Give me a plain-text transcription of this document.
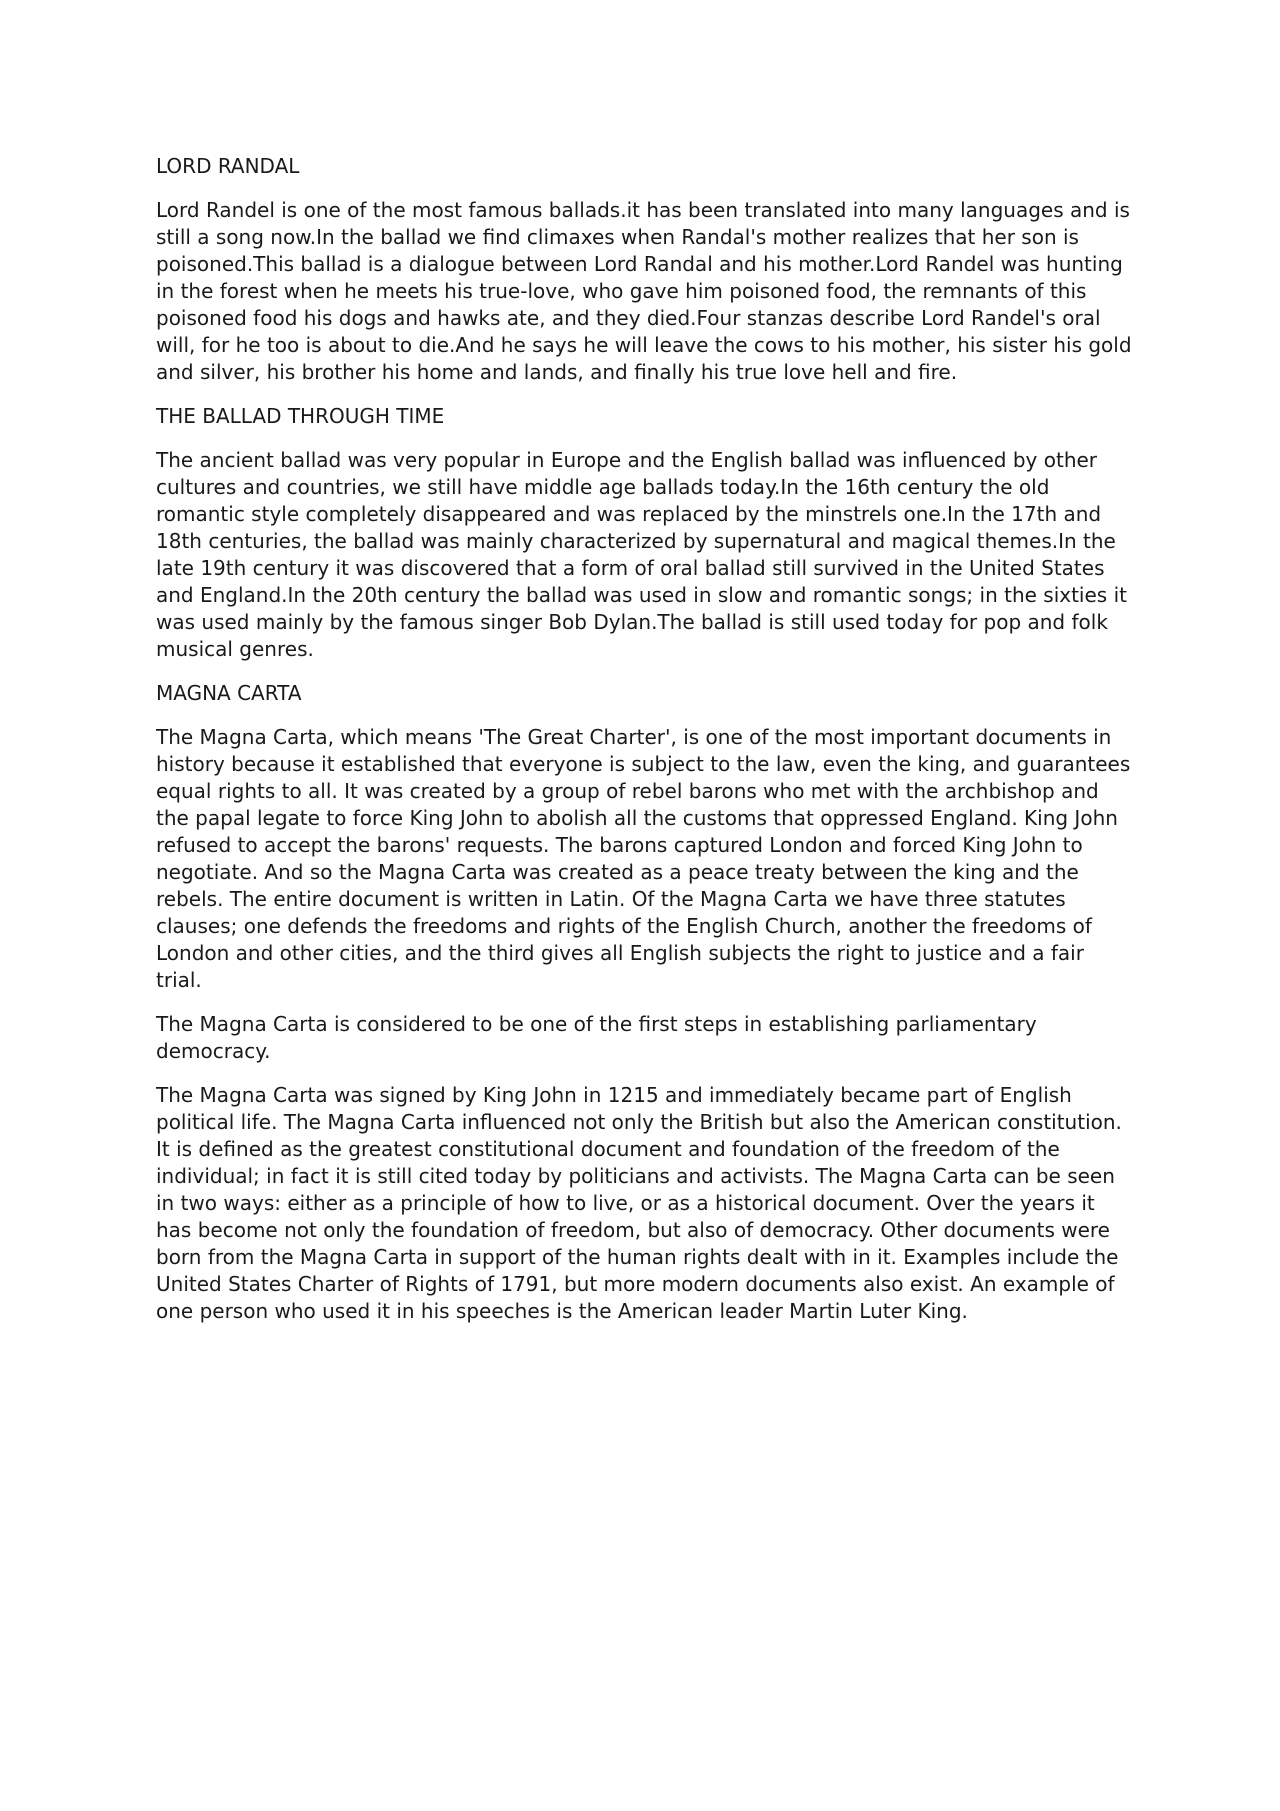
LORD RANDAL

Lord Randel is one of the most famous ballads.it has been translated into many languages and is still a song now.In the ballad we find climaxes when Randal's mother realizes that her son is poisoned.This ballad is a dialogue between Lord Randal and his mother.Lord Randel was hunting in the forest when he meets his true-love, who gave him poisoned food, the remnants of this poisoned food his dogs and hawks ate, and they died.Four stanzas describe Lord Randel's oral will, for he too is about to die.And he says he will leave the cows to his mother, his sister his gold and silver, his brother his home and lands, and finally his true love hell and fire.

THE BALLAD THROUGH TIME

The ancient ballad was very popular in Europe and the English ballad was influenced by other cultures and countries, we still have middle age ballads today.In the 16th century the old romantic style completely disappeared and was replaced by the minstrels one.In the 17th and 18th centuries, the ballad was mainly characterized by supernatural and magical themes.In the late 19th century it was discovered that a form of oral ballad still survived in the United States and England.In the 20th century the ballad was used in slow and romantic songs; in the sixties it was used mainly by the famous singer Bob Dylan.The ballad is still used today for pop and folk musical genres.

MAGNA CARTA

The Magna Carta, which means 'The Great Charter', is one of the most important documents in history because it established that everyone is subject to the law, even the king, and guarantees equal rights to all. It was created by a group of rebel barons who met with the archbishop and the papal legate to force King John to abolish all the customs that oppressed England. King John refused to accept the barons' requests. The barons captured London and forced King John to negotiate. And so the Magna Carta was created as a peace treaty between the king and the rebels. The entire document is written in Latin. Of the Magna Carta we have three statutes clauses; one defends the freedoms and rights of the English Church, another the freedoms of London and other cities, and the third gives all English subjects the right to justice and a fair trial.

The Magna Carta is considered to be one of the first steps in establishing parliamentary democracy.

The Magna Carta was signed by King John in 1215 and immediately became part of English political life. The Magna Carta influenced not only the British but also the American constitution. It is defined as the greatest constitutional document and foundation of the freedom of the individual; in fact it is still cited today by politicians and activists. The Magna Carta can be seen in two ways: either as a principle of how to live, or as a historical document. Over the years it has become not only the foundation of freedom, but also of democracy. Other documents were born from the Magna Carta in support of the human rights dealt with in it. Examples include the United States Charter of Rights of 1791, but more modern documents also exist. An example of one person who used it in his speeches is the American leader Martin Luter King.
